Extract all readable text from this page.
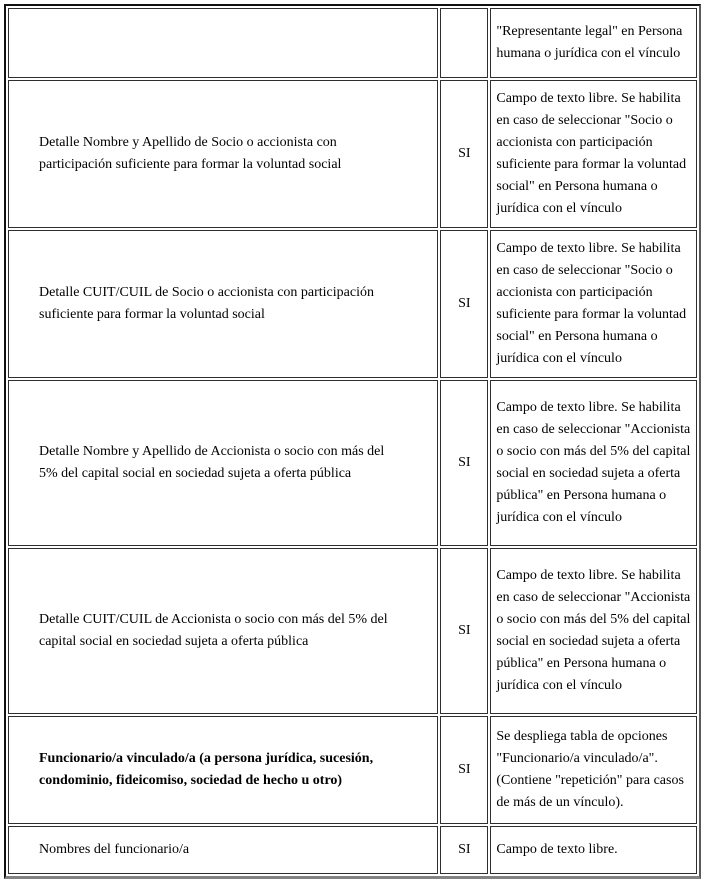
		"Representante legal" en Persona humana o jurídica con el vínculo
Detalle Nombre y Apellido de Socio o accionista con participación suficiente para formar la voluntad social	SI	Campo de texto libre. Se habilita en caso de seleccionar "Socio o accionista con participación suficiente para formar la voluntad social" en Persona humana o jurídica con el vínculo
Detalle CUIT/CUIL de Socio o accionista con participación suficiente para formar la voluntad social	SI	Campo de texto libre. Se habilita en caso de seleccionar "Socio o accionista con participación suficiente para formar la voluntad social" en Persona humana o jurídica con el vínculo
Detalle Nombre y Apellido de Accionista o socio con más del 5% del capital social en sociedad sujeta a oferta pública	SI	Campo de texto libre. Se habilita en caso de seleccionar "Accionista o socio con más del 5% del capital social en sociedad sujeta a oferta pública" en Persona humana o jurídica con el vínculo
Detalle CUIT/CUIL de Accionista o socio con más del 5% del capital social en sociedad sujeta a oferta pública	SI	Campo de texto libre. Se habilita en caso de seleccionar "Accionista o socio con más del 5% del capital social en sociedad sujeta a oferta pública" en Persona humana o jurídica con el vínculo
Funcionario/a vinculado/a (a persona jurídica, sucesión, condominio, fideicomiso, sociedad de hecho u otro)	SI	Se despliega tabla de opciones "Funcionario/a vinculado/a". (Contiene "repetición" para casos de más de un vínculo).
Nombres del funcionario/a	SI	Campo de texto libre.
